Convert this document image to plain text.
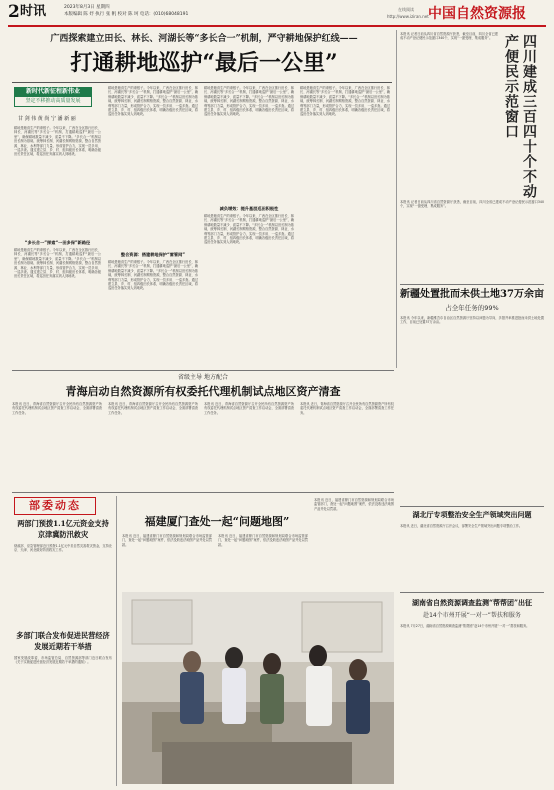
2 时讯	2023年8月3日 星期四
本版编辑 陈 妤 执行 张 帆 校对 陈 坷 电话：(010)68048191
在线阅读
http://www.iziran.net 中国自然资源报
广西探索建立田长、林长、河湖长等“多长合一”机制，严守耕地保护红线——
打通耕地巡护“最后一公里”
新时代新征程新伟业
坚定不移推动高质量发展
甘 剑 伟 黄 尚 宁 潘 新 丽
耕地是粮食生产的命根子。今年以来，广西在全区推行田长、林长、河湖长等“多长合一”机制，打通耕地巡护“最后一公里”，确保耕地数量不减少、质量不下降。“多长合一”机制以田长制为基础，统筹林长制、河湖长制网格资源，整合自然资源、林业、水利等部门力量，形成管护合力，实现一员多用、一巡多查。通过建立县、乡、村、组四级田长体系，明确各级田长责任区域，将巡田任务落实到人到地块。
“多长合一”探索“一田多保”新路径
耕地是粮食生产的命根子。今年以来，广西在全区推行田长、林长、河湖长等“多长合一”机制，打通耕地巡护“最后一公里”，确保耕地数量不减少、质量不下降。“多长合一”机制以田长制为基础，统筹林长制、河湖长制网格资源，整合自然资源、林业、水利等部门力量，形成管护合力，实现一员多用、一巡多查。通过建立县、乡、村、组四级田长体系，明确各级田长责任区域，将巡田任务落实到人到地块。
耕地是粮食生产的命根子。今年以来，广西在全区推行田长、林长、河湖长等“多长合一”机制，打通耕地巡护“最后一公里”，确保耕地数量不减少、质量不下降。“多长合一”机制以田长制为基础，统筹林长制、河湖长制网格资源，整合自然资源、林业、水利等部门力量，形成管护合力，实现一员多用、一巡多查。通过建立县、乡、村、组四级田长体系，明确各级田长责任区域，将巡田任务落实到人到地块。
整合资源：搭建耕地保护“雷管网”
耕地是粮食生产的命根子。今年以来，广西在全区推行田长、林长、河湖长等“多长合一”机制，打通耕地巡护“最后一公里”，确保耕地数量不减少、质量不下降。“多长合一”机制以田长制为基础，统筹林长制、河湖长制网格资源，整合自然资源、林业、水利等部门力量，形成管护合力，实现一员多用、一巡多查。通过建立县、乡、村、组四级田长体系，明确各级田长责任区域，将巡田任务落实到人到地块。
耕地是粮食生产的命根子。今年以来，广西在全区推行田长、林长、河湖长等“多长合一”机制，打通耕地巡护“最后一公里”，确保耕地数量不减少、质量不下降。“多长合一”机制以田长制为基础，统筹林长制、河湖长制网格资源，整合自然资源、林业、水利等部门力量，形成管护合力，实现一员多用、一巡多查。通过建立县、乡、村、组四级田长体系，明确各级田长责任区域，将巡田任务落实到人到地块。
减负增效：提升基层巡田积极性
耕地是粮食生产的命根子。今年以来，广西在全区推行田长、林长、河湖长等“多长合一”机制，打通耕地巡护“最后一公里”，确保耕地数量不减少、质量不下降。“多长合一”机制以田长制为基础，统筹林长制、河湖长制网格资源，整合自然资源、林业、水利等部门力量，形成管护合力，实现一员多用、一巡多查。通过建立县、乡、村、组四级田长体系，明确各级田长责任区域，将巡田任务落实到人到地块。
耕地是粮食生产的命根子。今年以来，广西在全区推行田长、林长、河湖长等“多长合一”机制，打通耕地巡护“最后一公里”，确保耕地数量不减少、质量不下降。“多长合一”机制以田长制为基础，统筹林长制、河湖长制网格资源，整合自然资源、林业、水利等部门力量，形成管护合力，实现一员多用、一巡多查。通过建立县、乡、村、组四级田长体系，明确各级田长责任区域，将巡田任务落实到人到地块。
本报讯 记者日前从四川省自然资源厅获悉，截至目前，四川全省已建成不动产登记便民示范窗口340个，实现“一窗受理、集成服务”。	四川建成三百四十个不动产便民示范窗口
本报讯 记者日前从四川省自然资源厅获悉，截至目前，四川全省已建成不动产登记便民示范窗口340个，实现“一窗受理、集成服务”。
新疆处置批而未供土地37万余亩
占全年任务的99%
本报讯 今年以来，新疆维吾尔自治区自然资源厅坚持以问题为导向，多措并举推进批而未供土地处置工作，目前已处置37万余亩。
省级主导 地方配合
青海启动自然资源所有权委托代理机制试点地区资产清查
本报讯 近日，青海省自然资源厅召开全民所有自然资源资产所有权委托代理机制试点地区资产清查工作启动会，全面部署清查工作任务。
本报讯 近日，青海省自然资源厅召开全民所有自然资源资产所有权委托代理机制试点地区资产清查工作启动会，全面部署清查工作任务。
本报讯 近日，青海省自然资源厅召开全民所有自然资源资产所有权委托代理机制试点地区资产清查工作启动会，全面部署清查工作任务。
本报讯 近日，青海省自然资源厅召开全民所有自然资源资产所有权委托代理机制试点地区资产清查工作启动会，全面部署清查工作任务。
部委动态
两部门预拨1.1亿元资金支持京津冀防汛救灾
财政部、应急管理部近日预拨1.1亿元中央自然灾害救灾资金，支持北京、天津、河北做好防汛救灾工作。
多部门联合发布促进民营经济发展近期若干举措
国家发展改革委、市场监管总局、自然资源部等部门近日联合发布《关于实施促进民营经济发展近期若干举措的通知》。
福建厦门查处一起“问题地图”
本报讯 近日，福建省厦门市自然资源和规划局联合市场监管部门，查处一起“问题地图”案件，依法没收违法地图产品并处以罚款。
本报讯 近日，福建省厦门市自然资源和规划局联合市场监管部门，查处一起“问题地图”案件，依法没收违法地图产品并处以罚款。
本报讯 近日，福建省厦门市自然资源和规划局联合市场监管部门，查处一起“问题地图”案件，依法没收违法地图产品并处以罚款。
湖北厅专项整治安全生产领域突出问题
本报讯 近日，湖北省自然资源厅召开会议，部署安全生产领域突出问题专项整治工作。
湖南省自然资源调查监测“帮帮团”出征
赴14个市州开展“一对一”帮扶和服务
本报讯 7月27日，湖南省自然资源调查监测“帮帮团”赴14个市州开展“一对一”帮扶和服务。
